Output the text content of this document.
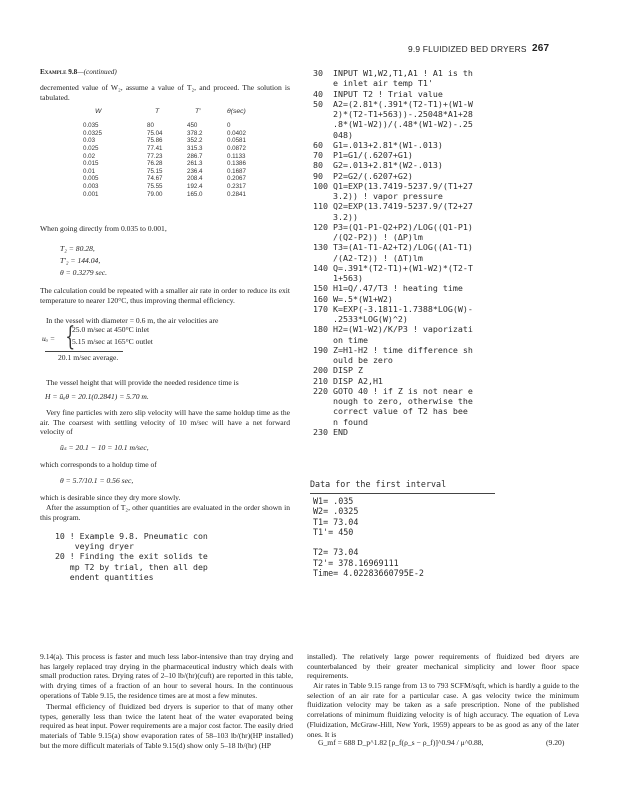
9.9 FLUIDIZED BED DRYERS 267
Example 9.8—(continued)
decremented value of W₂, assume a value of T₂, and proceed. The solution is tabulated.
W	T	T′	θ(sec)
0.035	80	450	0
0.0325	75.04	378.2	0.0402
0.03	75.86	352.2	0.0581
0.025	77.41	315.3	0.0872
0.02	77.23	286.7	0.1133
0.015	76.28	261.3	0.1386
0.01	75.15	236.4	0.1687
0.005	74.67	208.4	0.2067
0.003	75.55	192.4	0.2317
0.001	79.00	165.0	0.2841
When going directly from 0.035 to 0.001,
T₂ = 80.28,
T′₂ = 144.04,
θ = 0.3279 sec.
The calculation could be repeated with a smaller air rate in order to reduce its exit temperature to nearer 120°C, thus improving thermal efficiency.
In the vessel with diameter = 0.6 m, the air velocities are
uₐ = {
25.0 m/sec at 450°C inlet
5.15 m/sec at 165°C outlet
20.1 m/sec average.
The vessel height that will provide the needed residence time is
H = ūₐθ = 20.1(0.2841) = 5.70 m.
Very fine particles with zero slip velocity will have the same holdup time as the air. The coarsest with settling velocity of 10 m/sec will have a net forward velocity of
ūₛ = 20.1 − 10 = 10.1 m/sec,
which corresponds to a holdup time of
θ = 5.7/10.1 = 0.56 sec,
which is desirable since they dry more slowly.
After the assumption of T₂, other quantities are evaluated in the order shown in this program.
10 ! Example 9.8. Pneumatic con
veying dryer
20 ! Finding the exit solids te
mp T2 by trial, then all dep
endent quantities
30  INPUT W1,W2,T1,A1 ! A1 is th
e inlet air temp T1'
40  INPUT T2 ! Trial value
50  A2=(2.81*(.391*(T2-T1)+(W1-W
2)*(T2-T1+563))-.25048*A1+28
.8*(W1-W2))/(.48*(W1-W2)-.25
048)
60  G1=.013+2.81*(W1-.013)
70  P1=G1/(.6207+G1)
80  G2=.013+2.81*(W2-.013)
90  P2=G2/(.6207+G2)
100 Q1=EXP(13.7419-5237.9/(T1+27
3.2)) ! vapor pressure
110 Q2=EXP(13.7419-5237.9/(T2+27
3.2))
120 P3=(Q1-P1-Q2+P2)/LOG((Q1-P1)
/(Q2-P2)) ! (ΔP)lm
130 T3=(A1-T1-A2+T2)/LOG((A1-T1)
/(A2-T2)) ! (ΔT)lm
140 Q=.391*(T2-T1)+(W1-W2)*(T2-T
1+563)
150 H1=Q/.47/T3 ! heating time
160 W=.5*(W1+W2)
170 K=EXP(-3.1811-1.7388*LOG(W)-
.2533*LOG(W)^2)
180 H2=(W1-W2)/K/P3 ! vaporizati
on time
190 Z=H1-H2 ! time difference sh
ould be zero
200 DISP Z
210 DISP A2,H1
220 GOTO 40 ! if Z is not near e
nough to zero, otherwise the
correct value of T2 has bee
n found
230 END
Data for the first interval
W1= .035
W2= .0325
T1= 73.04
T1'= 450

T2= 73.04
T2'= 378.16969111
Time= 4.02283660795E-2
9.14(a). This process is faster and much less labor-intensive than tray drying and has largely replaced tray drying in the pharmaceutical industry which deals with small production rates. Drying rates of 2–10 lb/(hr)(cuft) are reported in this table, with drying times of a fraction of an hour to several hours. In the continuous operations of Table 9.15, the residence times are at most a few minutes.
Thermal efficiency of fluidized bed dryers is superior to that of many other types, generally less than twice the latent heat of the water evaporated being required as heat input. Power requirements are a major cost factor. The easily dried materials of Table 9.15(a) show evaporation rates of 58–103 lb/(hr)(HP installed) but the more difficult materials of Table 9.15(d) show only 5–18 lb/(hr) (HP
installed). The relatively large power requirements of fluidized bed dryers are counterbalanced by their greater mechanical simplicity and lower floor space requirements.
Air rates in Table 9.15 range from 13 to 793 SCFM/sqft, which is hardly a guide to the selection of an air rate for a particular case. A gas velocity twice the minimum fluidization velocity may be taken as a safe prescription. None of the published correlations of minimum fluidizing velocity is of high accuracy. The equation of Leva (Fluidization, McGraw-Hill, New York, 1959) appears to be as good as any of the later ones. It is
G_mf = 688 D_p^1.82 [ρ_f(ρ_s − ρ_f)]^0.94 / μ^0.88,	(9.20)
